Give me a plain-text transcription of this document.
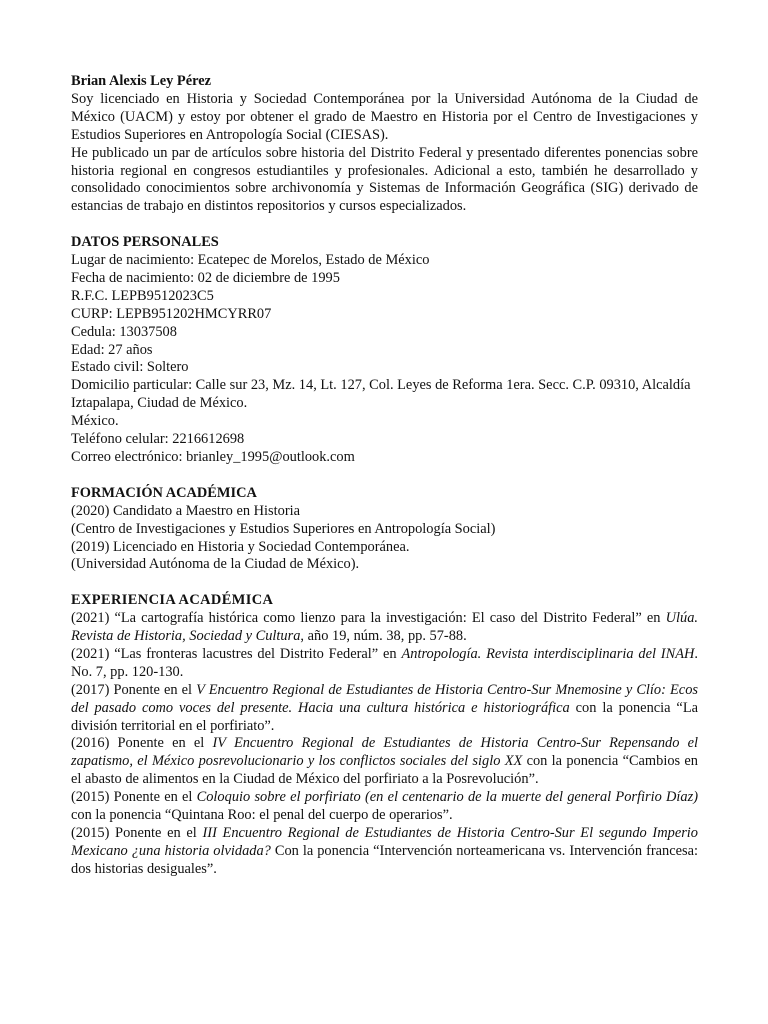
Brian Alexis Ley Pérez

Soy licenciado en Historia y Sociedad Contemporánea por la Universidad Autónoma de la Ciudad de México (UACM) y estoy por obtener el grado de Maestro en Historia por el Centro de Investigaciones y Estudios Superiores en Antropología Social (CIESAS).

He publicado un par de artículos sobre historia del Distrito Federal y presentado diferentes ponencias sobre historia regional en congresos estudiantiles y profesionales. Adicional a esto, también he desarrollado y consolidado conocimientos sobre archivonomía y Sistemas de Información Geográfica (SIG) derivado de estancias de trabajo en distintos repositorios y cursos especializados.

DATOS PERSONALES

Lugar de nacimiento: Ecatepec de Morelos, Estado de México

Fecha de nacimiento: 02 de diciembre de 1995

R.F.C. LEPB9512023C5

CURP: LEPB951202HMCYRR07

Cedula: 13037508

Edad: 27 años

Estado civil: Soltero

Domicilio particular: Calle sur 23, Mz. 14, Lt. 127, Col. Leyes de Reforma 1era. Secc. C.P. 09310, Alcaldía Iztapalapa, Ciudad de México.

México.

Teléfono celular: 2216612698

Correo electrónico: brianley_1995@outlook.com

FORMACIÓN ACADÉMICA

(2020) Candidato a Maestro en Historia

(Centro de Investigaciones y Estudios Superiores en Antropología Social)

(2019) Licenciado en Historia y Sociedad Contemporánea.

(Universidad Autónoma de la Ciudad de México).

EXPERIENCIA ACADÉMICA

(2021) “La cartografía histórica como lienzo para la investigación: El caso del Distrito Federal” en Ulúa. Revista de Historia, Sociedad y Cultura, año 19, núm. 38, pp. 57-88.

(2021) “Las fronteras lacustres del Distrito Federal” en Antropología. Revista interdisciplinaria del INAH. No. 7, pp. 120-130.

(2017) Ponente en el V Encuentro Regional de Estudiantes de Historia Centro-Sur Mnemosine y Clío: Ecos del pasado como voces del presente. Hacia una cultura histórica e historiográfica con la ponencia “La división territorial en el porfiriato”.

(2016) Ponente en el IV Encuentro Regional de Estudiantes de Historia Centro-Sur Repensando el zapatismo, el México posrevolucionario y los conflictos sociales del siglo XX con la ponencia “Cambios en el abasto de alimentos en la Ciudad de México del porfiriato a la Posrevolución”.

(2015) Ponente en el Coloquio sobre el porfiriato (en el centenario de la muerte del general Porfirio Díaz) con la ponencia “Quintana Roo: el penal del cuerpo de operarios”.

(2015) Ponente en el III Encuentro Regional de Estudiantes de Historia Centro-Sur El segundo Imperio Mexicano ¿una historia olvidada? Con la ponencia “Intervención norteamericana vs. Intervención francesa: dos historias desiguales”.
